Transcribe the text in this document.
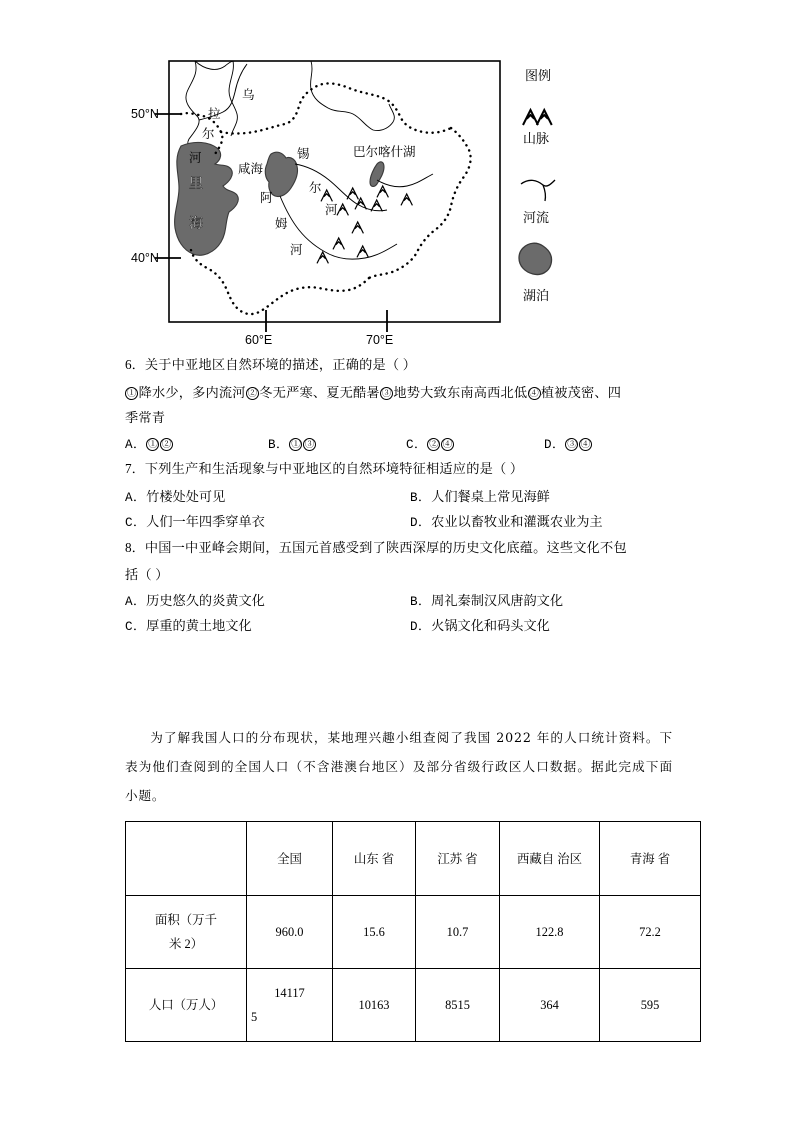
50°N
40°N
60°E	70°E
里
海
咸海
巴尔喀什湖
乌
拉
尔
河	锡
尔
河
阿
姆
河
图例
山脉
河流
湖泊
6．关于中亚地区自然环境的描述，正确的是（ ）
① 降水少，多内流河 ② 冬无严寒、夏无酷暑 ③ 地势大致东南高西北低 ④ 植被茂密、四
季常青
A． ① ②	B． ① ③	C． ② ④	D． ③ ④
7．下列生产和生活现象与中亚地区的自然环境特征相适应的是（ ）
A．竹楼处处可见	B．人们餐桌上常见海鲜
C．人们一年四季穿单衣	D．农业以畜牧业和灌溉农业为主
8．中国一中亚峰会期间，五国元首感受到了陕西深厚的历史文化底蕴。这些文化不包
括（ ）
A．历史悠久的炎黄文化	B．周礼秦制汉风唐韵文化
C．厚重的黄土地文化	D．火锅文化和码头文化

为了解我国人口的分布现状，某地理兴趣小组查阅了我国 2022 年的人口统计资料。下表为他们查阅到的全国人口（不含港澳台地区）及部分省级行政区人口数据。据此完成下面小题。

	全国	山东 省	江苏 省	西藏自 治区	青海 省

面积（万千
米 2）	960.0	15.6	10.7	122.8	72.2
人口（万人）	14117
5	10163	8515	364	595
